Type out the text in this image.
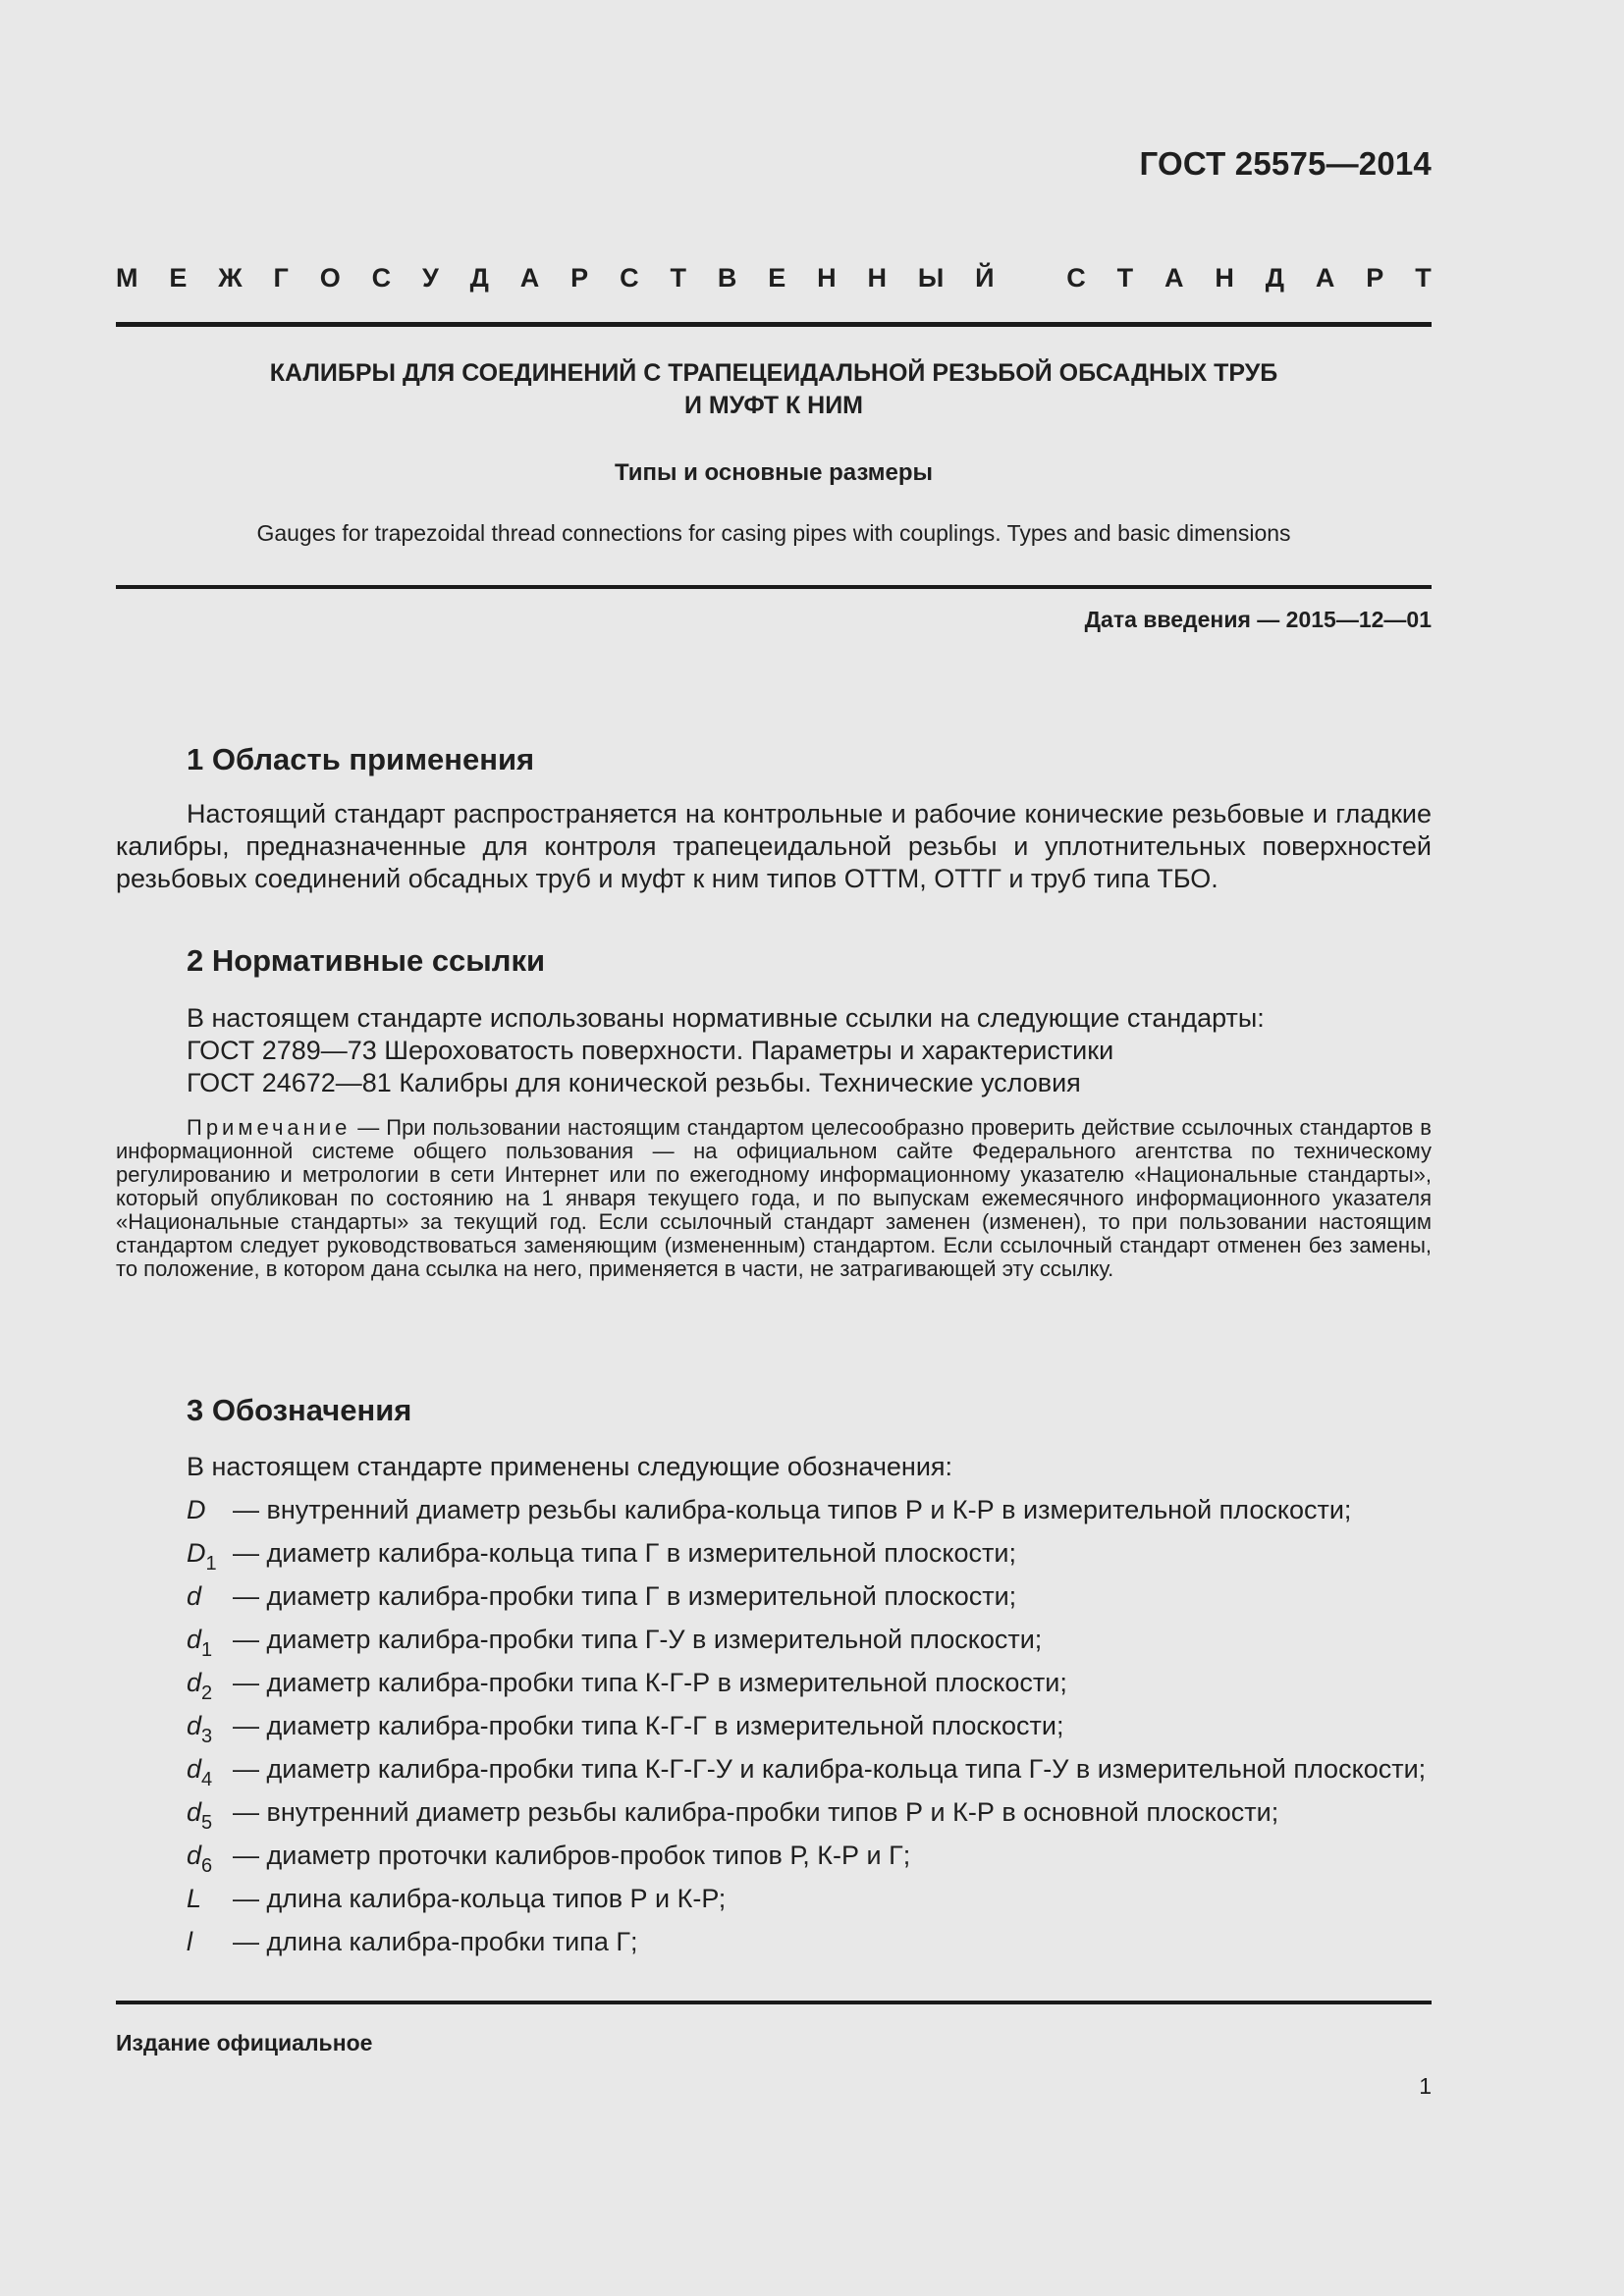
ГОСТ 25575—2014

М Е Ж Г О С У Д А Р С Т В Е Н Н Ы Й	С Т А Н Д А Р Т

КАЛИБРЫ ДЛЯ СОЕДИНЕНИЙ С ТРАПЕЦЕИДАЛЬНОЙ РЕЗЬБОЙ ОБСАДНЫХ ТРУБ
И МУФТ К НИМ

Типы и основные размеры

Gauges for trapezoidal thread connections for casing pipes with couplings. Types and basic dimensions

Дата введения — 2015—12—01

1 Область применения

Настоящий стандарт распространяется на контрольные и рабочие конические резьбовые и гладкие калибры, предназначенные для контроля трапецеидальной резьбы и уплотнительных поверхностей резьбовых соединений обсадных труб и муфт к ним типов ОТТМ, ОТТГ и труб типа ТБО.

2 Нормативные ссылки

В настоящем стандарте использованы нормативные ссылки на следующие стандарты:

ГОСТ 2789—73 Шероховатость поверхности. Параметры и характеристики

ГОСТ 24672—81 Калибры для конической резьбы. Технические условия

Примечание — При пользовании настоящим стандартом целесообразно проверить действие ссылочных стандартов в информационной системе общего пользования — на официальном сайте Федерального агентства по техническому регулированию и метрологии в сети Интернет или по ежегодному информационному указателю «Национальные стандарты», который опубликован по состоянию на 1 января текущего года, и по выпускам ежемесячного информационного указателя «Национальные стандарты» за текущий год. Если ссылочный стандарт заменен (изменен), то при пользовании настоящим стандартом следует руководствоваться заменяющим (измененным) стандартом. Если ссылочный стандарт отменен без замены, то положение, в котором дана ссылка на него, применяется в части, не затрагивающей эту ссылку.

3 Обозначения

В настоящем стандарте применены следующие обозначения:

D — внутренний диаметр резьбы калибра-кольца типов Р и К-Р в измерительной плоскости;
$D_1$ — диаметр калибра-кольца типа Г в измерительной плоскости;
d — диаметр калибра-пробки типа Г в измерительной плоскости;
$d_1$ — диаметр калибра-пробки типа Г-У в измерительной плоскости;
$d_2$ — диаметр калибра-пробки типа К-Г-Р в измерительной плоскости;
$d_3$ — диаметр калибра-пробки типа К-Г-Г в измерительной плоскости;
$d_4$ — диаметр калибра-пробки типа К-Г-Г-У и калибра-кольца типа Г-У в измерительной плоскости;
$d_5$ — внутренний диаметр резьбы калибра-пробки типов Р и К-Р в основной плоскости;
$d_6$ — диаметр проточки калибров-пробок типов Р, К-Р и Г;
L — длина калибра-кольца типов Р и К-Р;
l — длина калибра-пробки типа Г;

Издание официальное

1
